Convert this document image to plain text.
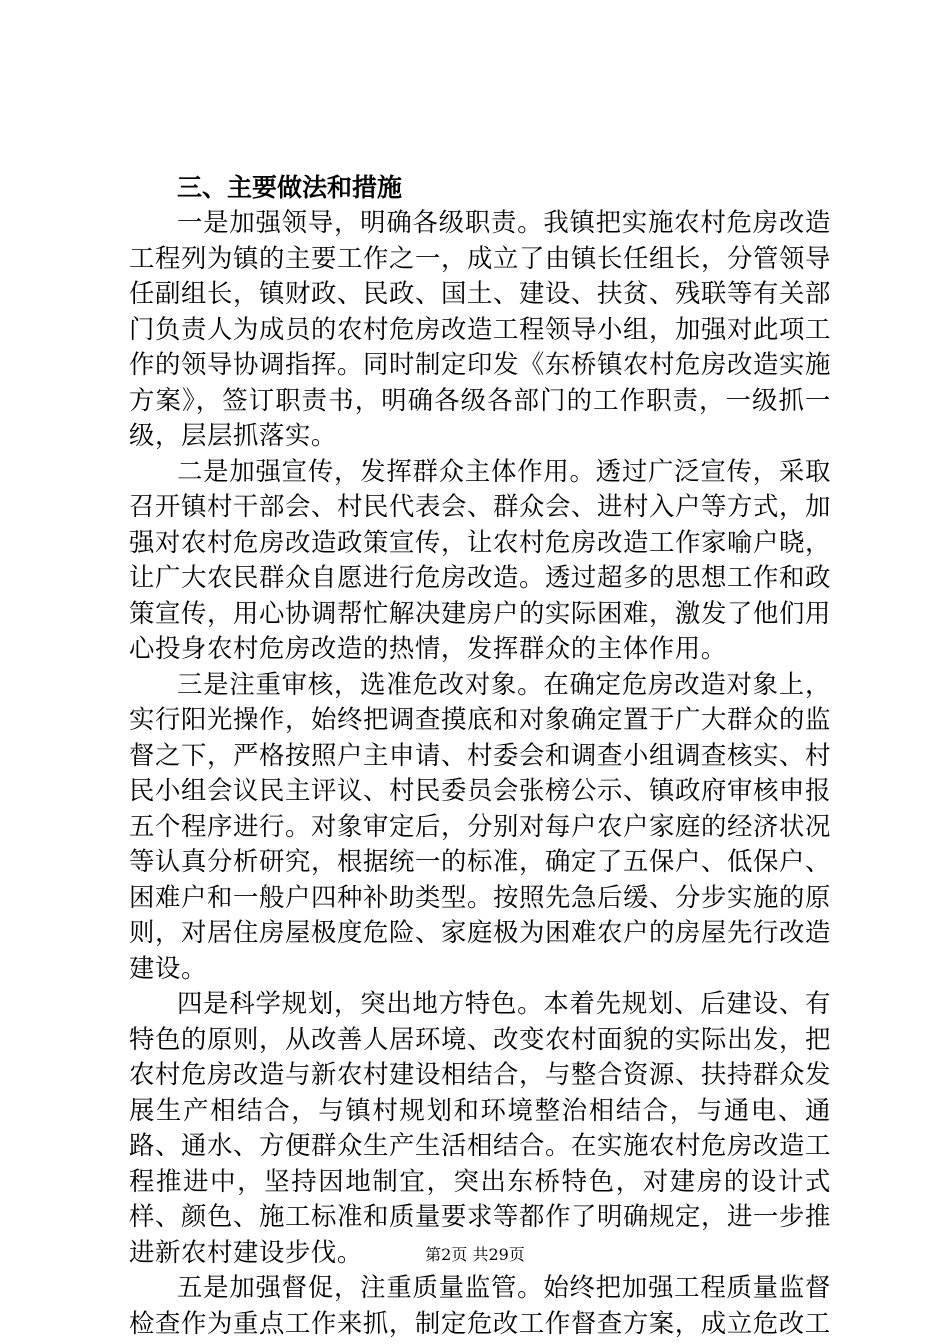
三、主要做法和措施

一是加强领导，明确各级职责。我镇把实施农村危房改造工程列为镇的主要工作之一，成立了由镇长任组长，分管领导任副组长，镇财政、民政、国土、建设、扶贫、残联等有关部门负责人为成员的农村危房改造工程领导小组，加强对此项工作的领导协调指挥。同时制定印发《东桥镇农村危房改造实施方案》，签订职责书，明确各级各部门的工作职责，一级抓一级，层层抓落实。

二是加强宣传，发挥群众主体作用。透过广泛宣传，采取召开镇村干部会、村民代表会、群众会、进村入户等方式，加强对农村危房改造政策宣传，让农村危房改造工作家喻户晓，让广大农民群众自愿进行危房改造。透过超多的思想工作和政策宣传，用心协调帮忙解决建房户的实际困难，激发了他们用心投身农村危房改造的热情，发挥群众的主体作用。

三是注重审核，选准危改对象。在确定危房改造对象上，实行阳光操作，始终把调查摸底和对象确定置于广大群众的监督之下，严格按照户主申请、村委会和调查小组调查核实、村民小组会议民主评议、村民委员会张榜公示、镇政府审核申报五个程序进行。对象审定后，分别对每户农户家庭的经济状况等认真分析研究，根据统一的标准，确定了五保户、低保户、困难户和一般户四种补助类型。按照先急后缓、分步实施的原则，对居住房屋极度危险、家庭极为困难农户的房屋先行改造建设。

四是科学规划，突出地方特色。本着先规划、后建设、有特色的原则，从改善人居环境、改变农村面貌的实际出发，把农村危房改造与新农村建设相结合，与整合资源、扶持群众发展生产相结合，与镇村规划和环境整治相结合，与通电、通路、通水、方便群众生产生活相结合。在实施农村危房改造工程推进中，坚持因地制宜，突出东桥特色，对建房的设计式样、颜色、施工标准和质量要求等都作了明确规定，进一步推进新农村建设步伐。

五是加强督促，注重质量监管。始终把加强工程质量监督检查作为重点工作来抓，制定危改工作督查方案，成立危改工

第2页 共29页
